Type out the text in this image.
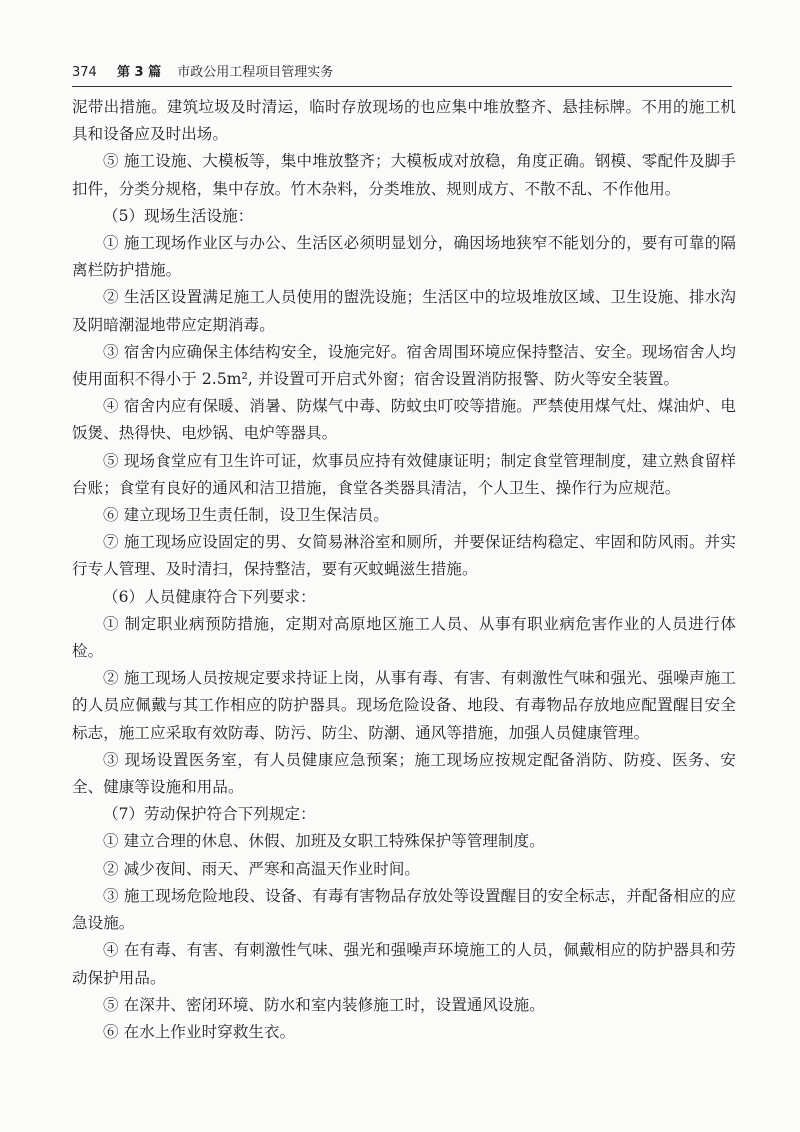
374 第 3 篇 市政公用工程项目管理实务

泥带出措施。建筑垃圾及时清运，临时存放现场的也应集中堆放整齐、悬挂标牌。不用的施工机具和设备应及时出场。

⑤ 施工设施、大模板等，集中堆放整齐；大模板成对放稳，角度正确。钢模、零配件及脚手扣件，分类分规格，集中存放。竹木杂料，分类堆放、规则成方、不散不乱、不作他用。

（5）现场生活设施：

① 施工现场作业区与办公、生活区必须明显划分，确因场地狭窄不能划分的，要有可靠的隔离栏防护措施。

② 生活区设置满足施工人员使用的盥洗设施；生活区中的垃圾堆放区域、卫生设施、排水沟及阴暗潮湿地带应定期消毒。

③ 宿舍内应确保主体结构安全，设施完好。宿舍周围环境应保持整洁、安全。现场宿舍人均使用面积不得小于 2.5m², 并设置可开启式外窗；宿舍设置消防报警、防火等安全装置。

④ 宿舍内应有保暖、消暑、防煤气中毒、防蚊虫叮咬等措施。严禁使用煤气灶、煤油炉、电饭煲、热得快、电炒锅、电炉等器具。

⑤ 现场食堂应有卫生许可证，炊事员应持有效健康证明；制定食堂管理制度，建立熟食留样台账；食堂有良好的通风和洁卫措施，食堂各类器具清洁，个人卫生、操作行为应规范。

⑥ 建立现场卫生责任制，设卫生保洁员。

⑦ 施工现场应设固定的男、女简易淋浴室和厕所，并要保证结构稳定、牢固和防风雨。并实行专人管理、及时清扫，保持整洁，要有灭蚊蝇滋生措施。

（6）人员健康符合下列要求：

① 制定职业病预防措施，定期对高原地区施工人员、从事有职业病危害作业的人员进行体检。

② 施工现场人员按规定要求持证上岗，从事有毒、有害、有刺激性气味和强光、强噪声施工的人员应佩戴与其工作相应的防护器具。现场危险设备、地段、有毒物品存放地应配置醒目安全标志，施工应采取有效防毒、防污、防尘、防潮、通风等措施，加强人员健康管理。

③ 现场设置医务室，有人员健康应急预案；施工现场应按规定配备消防、防疫、医务、安全、健康等设施和用品。

（7）劳动保护符合下列规定：

① 建立合理的休息、休假、加班及女职工特殊保护等管理制度。

② 减少夜间、雨天、严寒和高温天作业时间。

③ 施工现场危险地段、设备、有毒有害物品存放处等设置醒目的安全标志，并配备相应的应急设施。

④ 在有毒、有害、有刺激性气味、强光和强噪声环境施工的人员，佩戴相应的防护器具和劳动保护用品。

⑤ 在深井、密闭环境、防水和室内装修施工时，设置通风设施。

⑥ 在水上作业时穿救生衣。
